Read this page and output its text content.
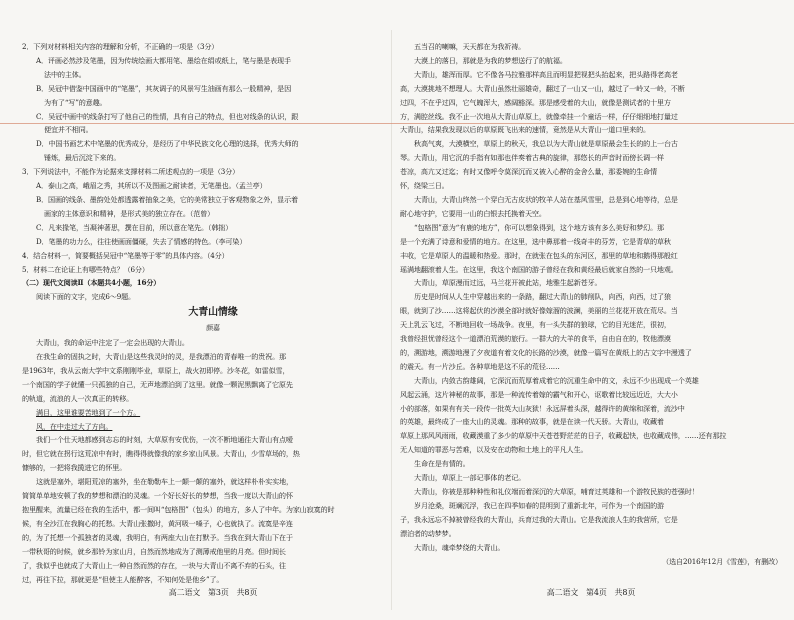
2．下列对材料相关内容的理解和分析，不正确的一项是（3分）
A．评画必然涉及笔墨，因为传统绘画大都用笔、墨绘在绢或纸上，笔与墨是表现手
法中的主体。
B．吴冠中借鉴中国画中的“笔墨”，其灰调子的风景写生油画有那么一股精神，是因
为有了“写”的意趣。
C．吴冠中画中的线条打写了他自己的性情，具有自己的特点，但也对线条的认识，跟
便宜并不相同。
D．中国书画艺术中笔墨的优秀成分，是经历了中华民族文化心理的选择，优秀大师的
锤炼，最后沉淀下来的。
3．下列说法中，不能作为论据来支撑材料二所述观点的一项是（3分）
A．泰山之高，峨眉之秀，其所以不及图画之耐读者，无笔墨也。（孟兰亭）
B．国画的线条、墨韵处处都透露着抽象之美，它的美常独立于客观物象之外，显示着
画家的主体意识和精神，是形式美的独立存在。（范曾）
C．凡来掾笔，当凝神著思，撰在目前，所以意在笔先。（韩拙）
D．笔墨的功力么，往往使画面僵硬，失去了情感的特色。（李可染）
4．结合材料一，简要概括吴冠中“笔墨等于零”的具体内容。（4分）
5．材料二在论证上有哪些特点？（6分）
（二）现代文阅读Ⅱ（本题共4小题，16分）
阅读下面的文字，完成6～9题。
大青山情缘
颜嘉
大青山，我的命运中注定了一定会出现的大青山。
在我生命的固执之时，大青山是这些我灵时的灵，是我漂泊的青春唯一的贵祝。那
是1963年，我从云南大学中文系刚刚毕业，草原上，战火初即停。沙冬花，如雷似雪，
一个南国的学子就懂一只孤独的自己，无声地漂泊到了这里。就像一颗泥黑飘离了它原先
的轨道，流浪的人一次真正的转移。
满目，这里谁要苦地到了一个方。
风，在中走过大了方向。
我们一个仕天地都感到志忘的时刻，大草原有安优伤，一次不断地通往大青山有点嗳
时，但它就在拐行这荒凉中有时，瞧得得就像我的家乡家山风景。大青山，少雪草场的，热
慷够的，一把将我揽进它的怀里。
这就是塞外，堪阳荒凉的塞外，坐在勒勒车上一颠一颠的塞外，就这样朴朴实实地，
简简单单地安顿了我的梦想和漂泊的灵魂。一个好长好长的梦想，当我一度以大青山的怀
抱里醒来，流量已经在我的生活中，都一间叫“包格图”（包头）的地方，多人了中年。为家山寂寞的时
候，有全沙江在我胸心的托愁。大青山张撒时，黄河吸一嗓子，心也就执了。流寞是辛连
的，为了托想一个孤独者的灵魂，我明白，有两座大山在打默予。当我在到大青山下在于
一带秋哥的时候，就乡那铃为家山月，自然而然地成为了测薄戒他里的月亮。但时间长
了，我似乎也就成了大青山上一种自然而然的存在，一块与大青山不离不弃的石头，往
过，再往下拉，那就更是“但使主人能醉客，不知何处是他乡”了。
高二语文　第3页　共8页
五当召的喇嘛，天天都在为我祈祷。
大漠上的落日，那就是为我的梦想送行了的航福。
大青山，雄浑而厚。它不像各马拉雅那样高且而明显把视把头抬起来，把头路得老高老
高，大漠挑地不想理人。大青山虽然壮丽雄奇，翻过了一山又一山，越过了一岭又一岭，不断
过四，不在乎过四，它气魄浑大，感阔豁深。那是感受着的大山，就像是测试者的十里方
方，满腔丝线。我不止一次地从大青山草原上，就像牵挂一个童话一样，仔仔细细地打量过
大青山，结果我发现以后的草原既飞出来的速情，竟然是从大青山一道口里来的。
秋高气爽，大漠横空，草原上的秋天，我总以为大青山就是草原最会生长的的上一台古
琴。大青山，用它沉的手指有如那也伴奏着古典的旋律，那悠长的声音时而傍长调一样
苍凉，高亢又过迄；有时又像呼令莫深沉而又被入心醉的金舍么量，那委婉的生命情
怀，绕梁三日。
大青山，大青山终然一个穿白无古皮状的牧羊人站在基风雪里，总是到心地等待，总是
耐心地守护，它要用一山的白银去托换着天空。
“包格图”意为“有鹿的地方”，你可以想象得到，这个地方该有多么美好和梦幻。那
是一个充满了诗意和爱情的地方。在这里，选中鼻那着一线奇丰的芬芳，它是青草的草秋
丰收，它是草原人的温暖和热爱。那时，在就张在包头的东河区，那里的草地和鹅得那般红
瑶满地翻滚着人生。在这里，我这个南国的游子曾经在我和黄经最后就家自然的一只地观。
大青山，草原漫而过远，马兰花开被此站，地雅生起新苍牙。
历史是时间从人生中穿越出来的一条路，翻过大青山的肺削队，向西，向西，过了狼
眼，就到了沙……这将起伏的沙漠全部时就好像嫁溜的波澜，美丽的兰花花开放在荒尽。当
天上乳云飞过，不断地回收一场战争。夜里，有一头失群的狼球，它的目光迷茫，很初，
我曾经担忧曾经这个一道漂泊荒漠的旅行。一群大的大羊的食半，自由自在的，牧他漂漠
的，溯游地，溯游地漫了夕夜道有着文化的长路的沙漠，就像一篇写在黄纸上的古文字中漫透了
的震天。有一片沙丘。各种草地是这不乐的荒径……
大青山，内敛古韵雄阔，它深沉而荒厚着成着它的沉重生命中的文，永远不少出现成一个英雄
风起云涌，这片神秘的故事，那是一种流传着嫁的霸气和开心，讴歌着比较远近近，大大小
小的部落，如果有有关一段传一批英大山灰狱！永远屏着头深，越得许的黄绵和深着，流沙中
的英雄，最终成了一座大山的灵魂。那种的故事，就是在读一代天骄。大青山，收藏着
草原上那风风雨雨，收藏漠重了多少的草原中天苍苍野茫茫的日子，收藏起快，也收藏成伟，……还有那拉
无人知道的罪恶与苦难，以及安在动物和土地上的平凡人生。
生命在是有情的。
大青山，草原上一部记事体的老记。
大青山，你被是那种种性和礼仪端而着深沉的大草原，哺育过英雄和一个游牧民族的苍强时！
岁月沧桑，斑斓沉浮，我已在四季如春的昆明到了重新北年，可作为一个南国的游
子，我永远忘不掉被曾经我的大青山，兵育过我的大青山。它是我流浪人生的我营所，它是
漂泊者的动梦梦。
大青山，魂牵梦绕的大青山。
（选自2016年12月《雪莲》，有删改）
高二语文　第4页　共8页
